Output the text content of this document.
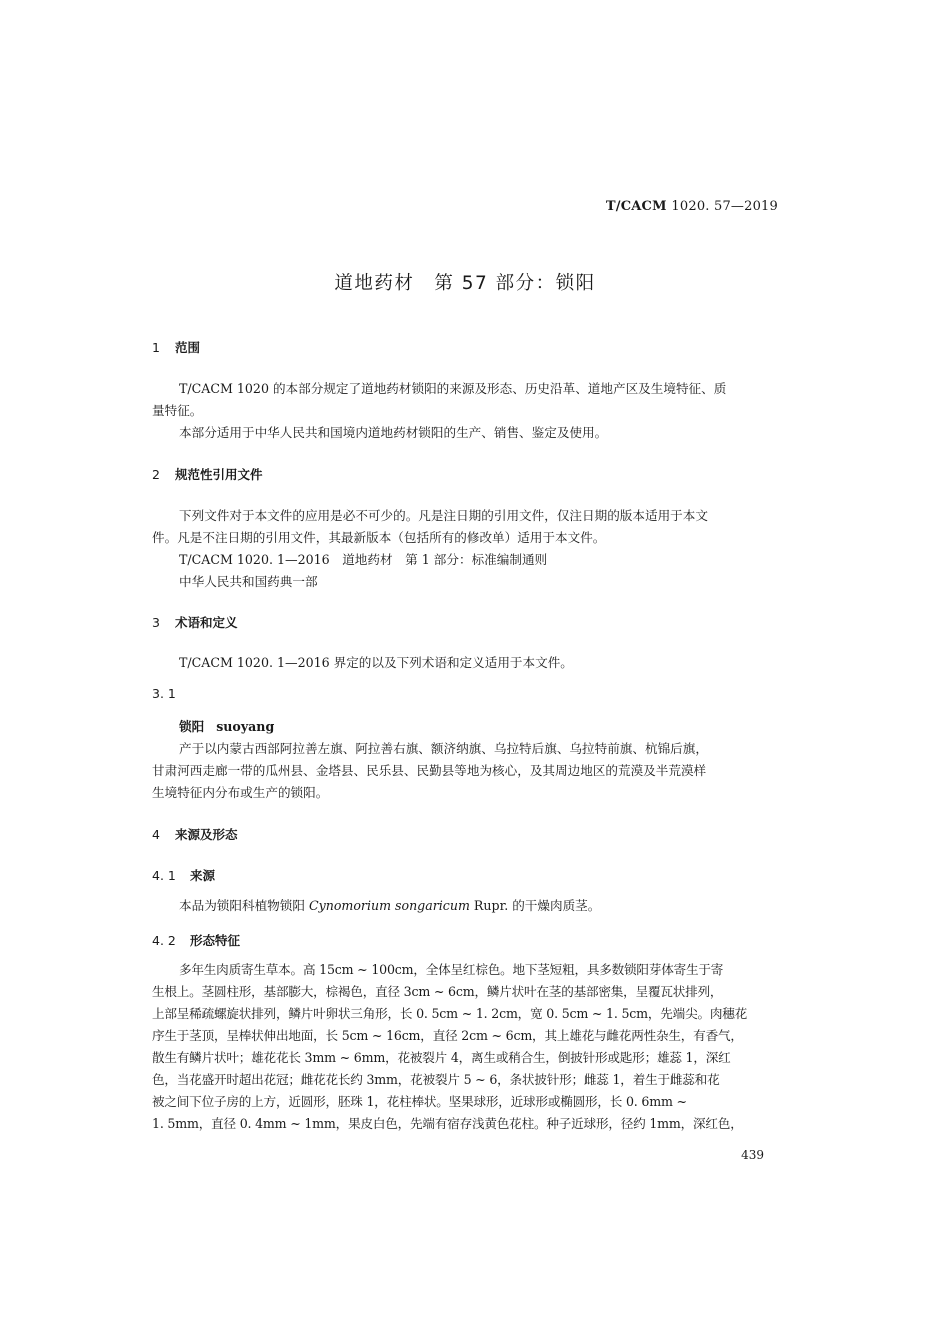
T/CACM 1020. 57—2019
道地药材 第 57 部分：锁阳
1 范围
T/CACM 1020 的本部分规定了道地药材锁阳的来源及形态、历史沿革、道地产区及生境特征、质
量特征。
本部分适用于中华人民共和国境内道地药材锁阳的生产、销售、鉴定及使用。
2 规范性引用文件
下列文件对于本文件的应用是必不可少的。凡是注日期的引用文件，仅注日期的版本适用于本文
件。凡是不注日期的引用文件，其最新版本（包括所有的修改单）适用于本文件。
T/CACM 1020. 1—2016　道地药材　第 1 部分：标准编制通则
中华人民共和国药典一部
3 术语和定义
T/CACM 1020. 1—2016 界定的以及下列术语和定义适用于本文件。
3. 1
锁阳 suoyang
产于以内蒙古西部阿拉善左旗、阿拉善右旗、额济纳旗、乌拉特后旗、乌拉特前旗、杭锦后旗，
甘肃河西走廊一带的瓜州县、金塔县、民乐县、民勤县等地为核心，及其周边地区的荒漠及半荒漠样
生境特征内分布或生产的锁阳。
4 来源及形态
4. 1 来源
本品为锁阳科植物锁阳 Cynomorium songaricum Rupr. 的干燥肉质茎。
4. 2 形态特征
多年生肉质寄生草本。高 15cm ~ 100cm，全体呈红棕色。地下茎短粗，具多数锁阳芽体寄生于寄
生根上。茎圆柱形，基部膨大，棕褐色，直径 3cm ~ 6cm，鳞片状叶在茎的基部密集，呈覆瓦状排列，
上部呈稀疏螺旋状排列，鳞片叶卵状三角形，长 0. 5cm ~ 1. 2cm，宽 0. 5cm ~ 1. 5cm，先端尖。肉穗花
序生于茎顶，呈棒状伸出地面，长 5cm ~ 16cm，直径 2cm ~ 6cm，其上雄花与雌花两性杂生，有香气，
散生有鳞片状叶；雄花花长 3mm ~ 6mm，花被裂片 4，离生或稍合生，倒披针形或匙形；雄蕊 1，深红
色，当花盛开时超出花冠；雌花花长约 3mm，花被裂片 5 ~ 6，条状披针形；雌蕊 1，着生于雌蕊和花
被之间下位子房的上方，近圆形，胚珠 1，花柱棒状。坚果球形，近球形或椭圆形，长 0. 6mm ~
1. 5mm，直径 0. 4mm ~ 1mm，果皮白色，先端有宿存浅黄色花柱。种子近球形，径约 1mm，深红色，
439
